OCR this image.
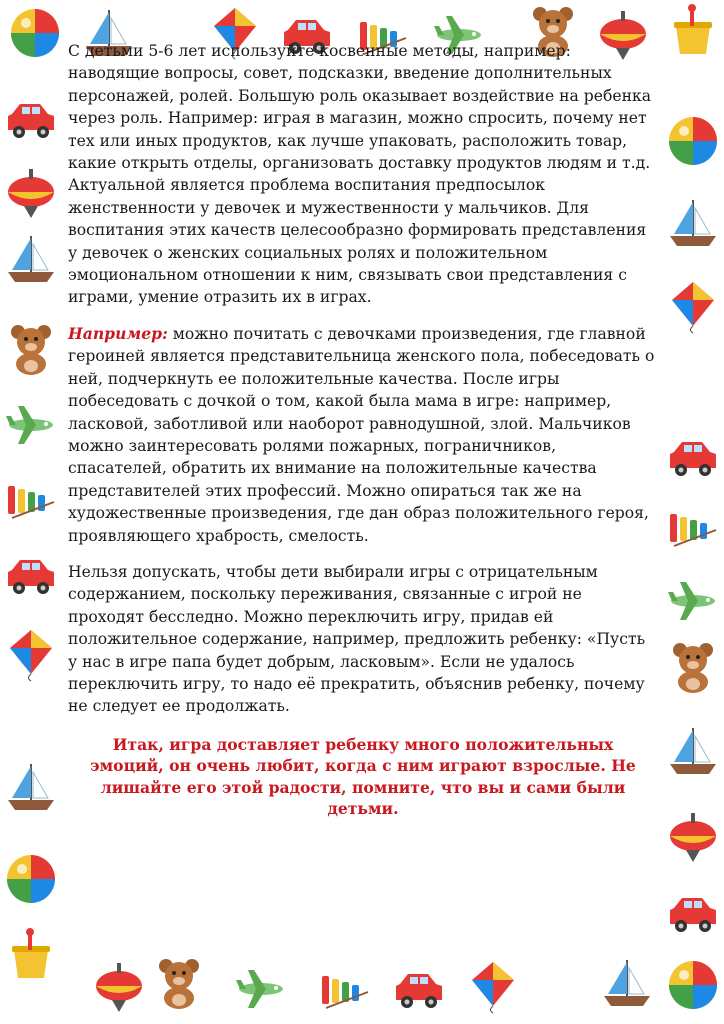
С детьми 5-6 лет используйте косвенные методы, например: наводящие вопросы, совет, подсказки, введение дополнительных персонажей, ролей. Большую роль оказывает воздействие на ребенка через роль. Например: играя в магазин, можно спросить, почему нет тех или иных продуктов, как лучше упаковать, расположить товар, какие открыть отделы, организовать доставку продуктов людям и т.д. Актуальной является проблема воспитания предпосылок женственности у девочек и мужественности у мальчиков. Для воспитания этих качеств целесообразно формировать представления у девочек о женских социальных ролях и положительном эмоциональном отношении к ним, связывать свои представления с играми, умение отразить их в играх.

Например: можно почитать с девочками произведения, где главной героиней является представительница женского пола, побеседовать о ней, подчеркнуть ее положительные качества. После игры побеседовать с дочкой о том, какой была мама в игре: например, ласковой, заботливой или наоборот равнодушной, злой. Мальчиков можно заинтересовать ролями пожарных, пограничников, спасателей, обратить их внимание на положительные качества представителей этих профессий. Можно опираться так же на художественные произведения, где дан образ положительного героя, проявляющего храбрость, смелость.

Нельзя допускать, чтобы дети выбирали игры с отрицательным содержанием, поскольку переживания, связанные с игрой не проходят бесследно. Можно переключить игру, придав ей положительное содержание, например, предложить ребенку: «Пусть у нас в игре папа будет добрым, ласковым». Если не удалось переключить игру, то надо её прекратить, объяснив ребенку, почему не следует ее продолжать.

Итак, игра доставляет ребенку много положительных эмоций, он очень любит, когда с ним играют взрослые. Не лишайте его этой радости, помните, что вы и сами были детьми.
